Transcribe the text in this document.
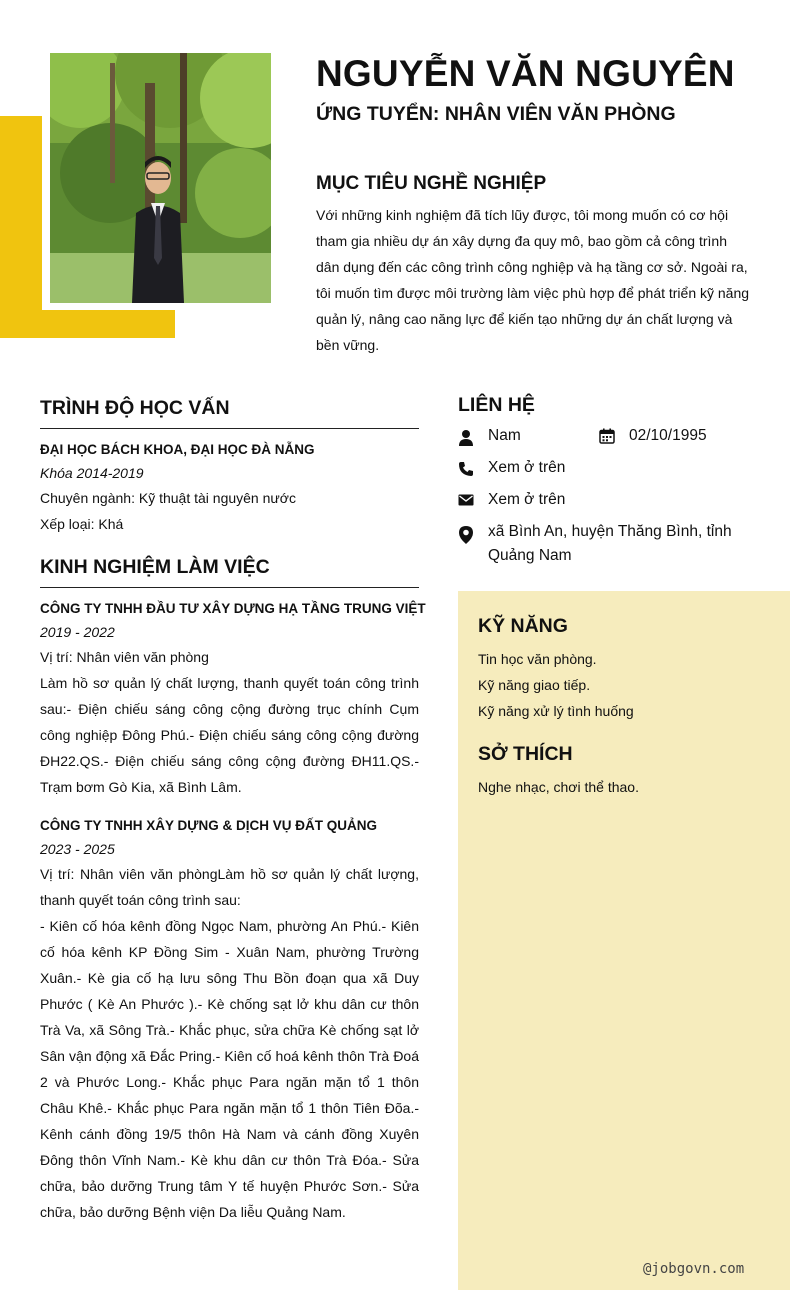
NGUYỄN VĂN NGUYÊN
ỨNG TUYỂN: NHÂN VIÊN VĂN PHÒNG
MỤC TIÊU NGHỀ NGHIỆP
Với những kinh nghiệm đã tích lũy được, tôi mong muốn có cơ hội tham gia nhiều dự án xây dựng đa quy mô, bao gồm cả công trình dân dụng đến các công trình công nghiệp và hạ tầng cơ sở. Ngoài ra, tôi muốn tìm được môi trường làm việc phù hợp để phát triển kỹ năng quản lý, nâng cao năng lực để kiến tạo những dự án chất lượng và bền vững.
TRÌNH ĐỘ HỌC VẤN
ĐẠI HỌC BÁCH KHOA, ĐẠI HỌC ĐÀ NẴNG
Khóa 2014-2019
Chuyên ngành: Kỹ thuật tài nguyên nước
Xếp loại: Khá
KINH NGHIỆM LÀM VIỆC
CÔNG TY TNHH ĐẦU TƯ XÂY DỰNG HẠ TẦNG TRUNG VIỆT
2019 - 2022
Vị trí: Nhân viên văn phòng
Làm hồ sơ quản lý chất lượng, thanh quyết toán công trình sau:- Điện chiếu sáng công cộng đường trục chính Cụm công nghiệp Đông Phú.- Điện chiếu sáng công cộng đường ĐH22.QS.- Điện chiếu sáng công cộng đường ĐH11.QS.- Trạm bơm Gò Kia, xã Bình Lâm.
CÔNG TY TNHH XÂY DỰNG & DỊCH VỤ ĐẤT QUẢNG
2023 - 2025
Vị trí: Nhân viên văn phòngLàm hồ sơ quản lý chất lượng, thanh quyết toán công trình sau:
- Kiên cố hóa kênh đồng Ngọc Nam, phường An Phú.- Kiên cố hóa kênh KP Đồng Sim - Xuân Nam, phường Trường Xuân.- Kè gia cố hạ lưu sông Thu Bồn đoạn qua xã Duy Phước ( Kè An Phước ).- Kè chống sạt lở khu dân cư thôn Trà Va, xã Sông Trà.- Khắc phục, sửa chữa Kè chống sạt lở Sân vận động xã Đắc Pring.- Kiên cố hoá kênh thôn Trà Đoá 2 và Phước Long.- Khắc phục Para ngăn mặn tổ 1 thôn Châu Khê.- Khắc phục Para ngăn mặn tổ 1 thôn Tiên Đõa.- Kênh cánh đồng 19/5 thôn Hà Nam và cánh đồng Xuyên Đông thôn Vĩnh Nam.- Kè khu dân cư thôn Trà Đóa.- Sửa chữa, bảo dưỡng Trung tâm Y tế huyện Phước Sơn.- Sửa chữa, bảo dưỡng Bệnh viện Da liễu Quảng Nam.
LIÊN HỆ
Nam	02/10/1995
Xem ở trên
Xem ở trên
xã Bình An, huyện Thăng Bình, tỉnh Quảng Nam
KỸ NĂNG
Tin học văn phòng.
Kỹ năng giao tiếp.
Kỹ năng xử lý tình huống
SỞ THÍCH
Nghe nhạc, chơi thể thao.
@jobgovn.com
